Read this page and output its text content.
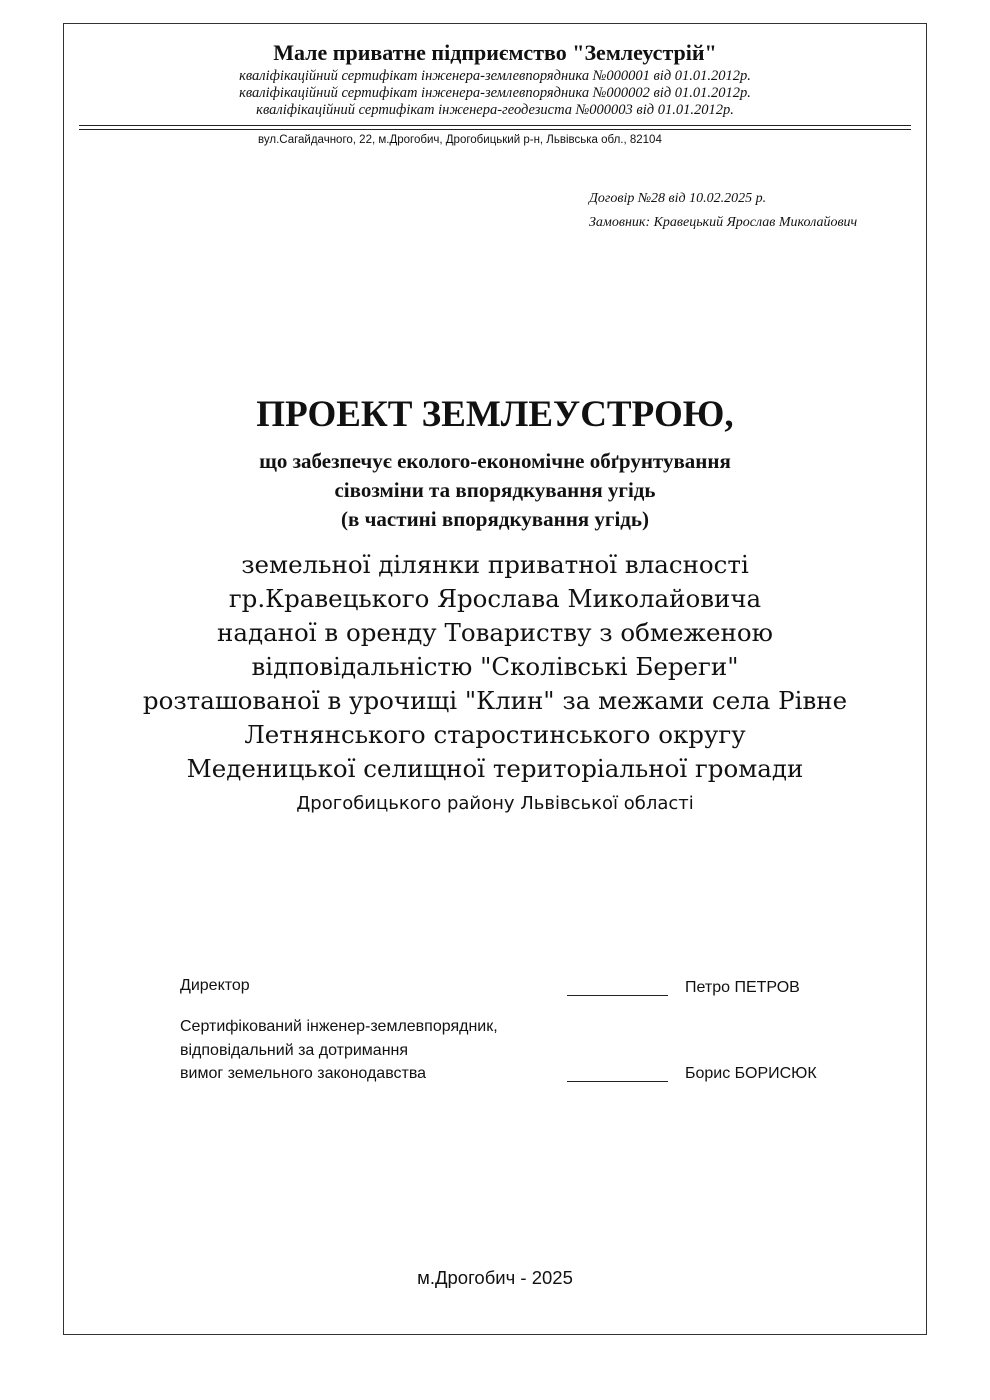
Мале приватне підприємство "Землеустрій"
кваліфікаційний сертифікат інженера-землевпорядника №000001 від 01.01.2012р.
кваліфікаційний сертифікат інженера-землевпорядника №000002 від 01.01.2012р.
кваліфікаційний сертифікат інженера-геодезиста №000003 від 01.01.2012р.
вул.Сагайдачного, 22, м.Дрогобич, Дрогобицький р-н, Львівська обл., 82104
Договір №28 від 10.02.2025 р.
Замовник: Кравецький Ярослав Миколайович
ПРОЕКТ ЗЕМЛЕУСТРОЮ,
що забезпечує еколого-економічне обґрунтування
сівозміни та впорядкування угідь
(в частині впорядкування угідь)
земельної ділянки приватної власності
гр.Кравецького Ярослава Миколайовича
наданої в оренду Товариству з обмеженою
відповідальністю "Сколівські Береги"
розташованої в урочищі "Клин" за межами села Рівне
Летнянського старостинського округу
Меденицької селищної територіальної громади
Дрогобицького району Львівської області
Директор	Петро ПЕТРОВ
Сертифікований інженер-землевпорядник,
відповідальний за дотримання
вимог земельного законодавства	Борис БОРИСЮК
м.Дрогобич - 2025
